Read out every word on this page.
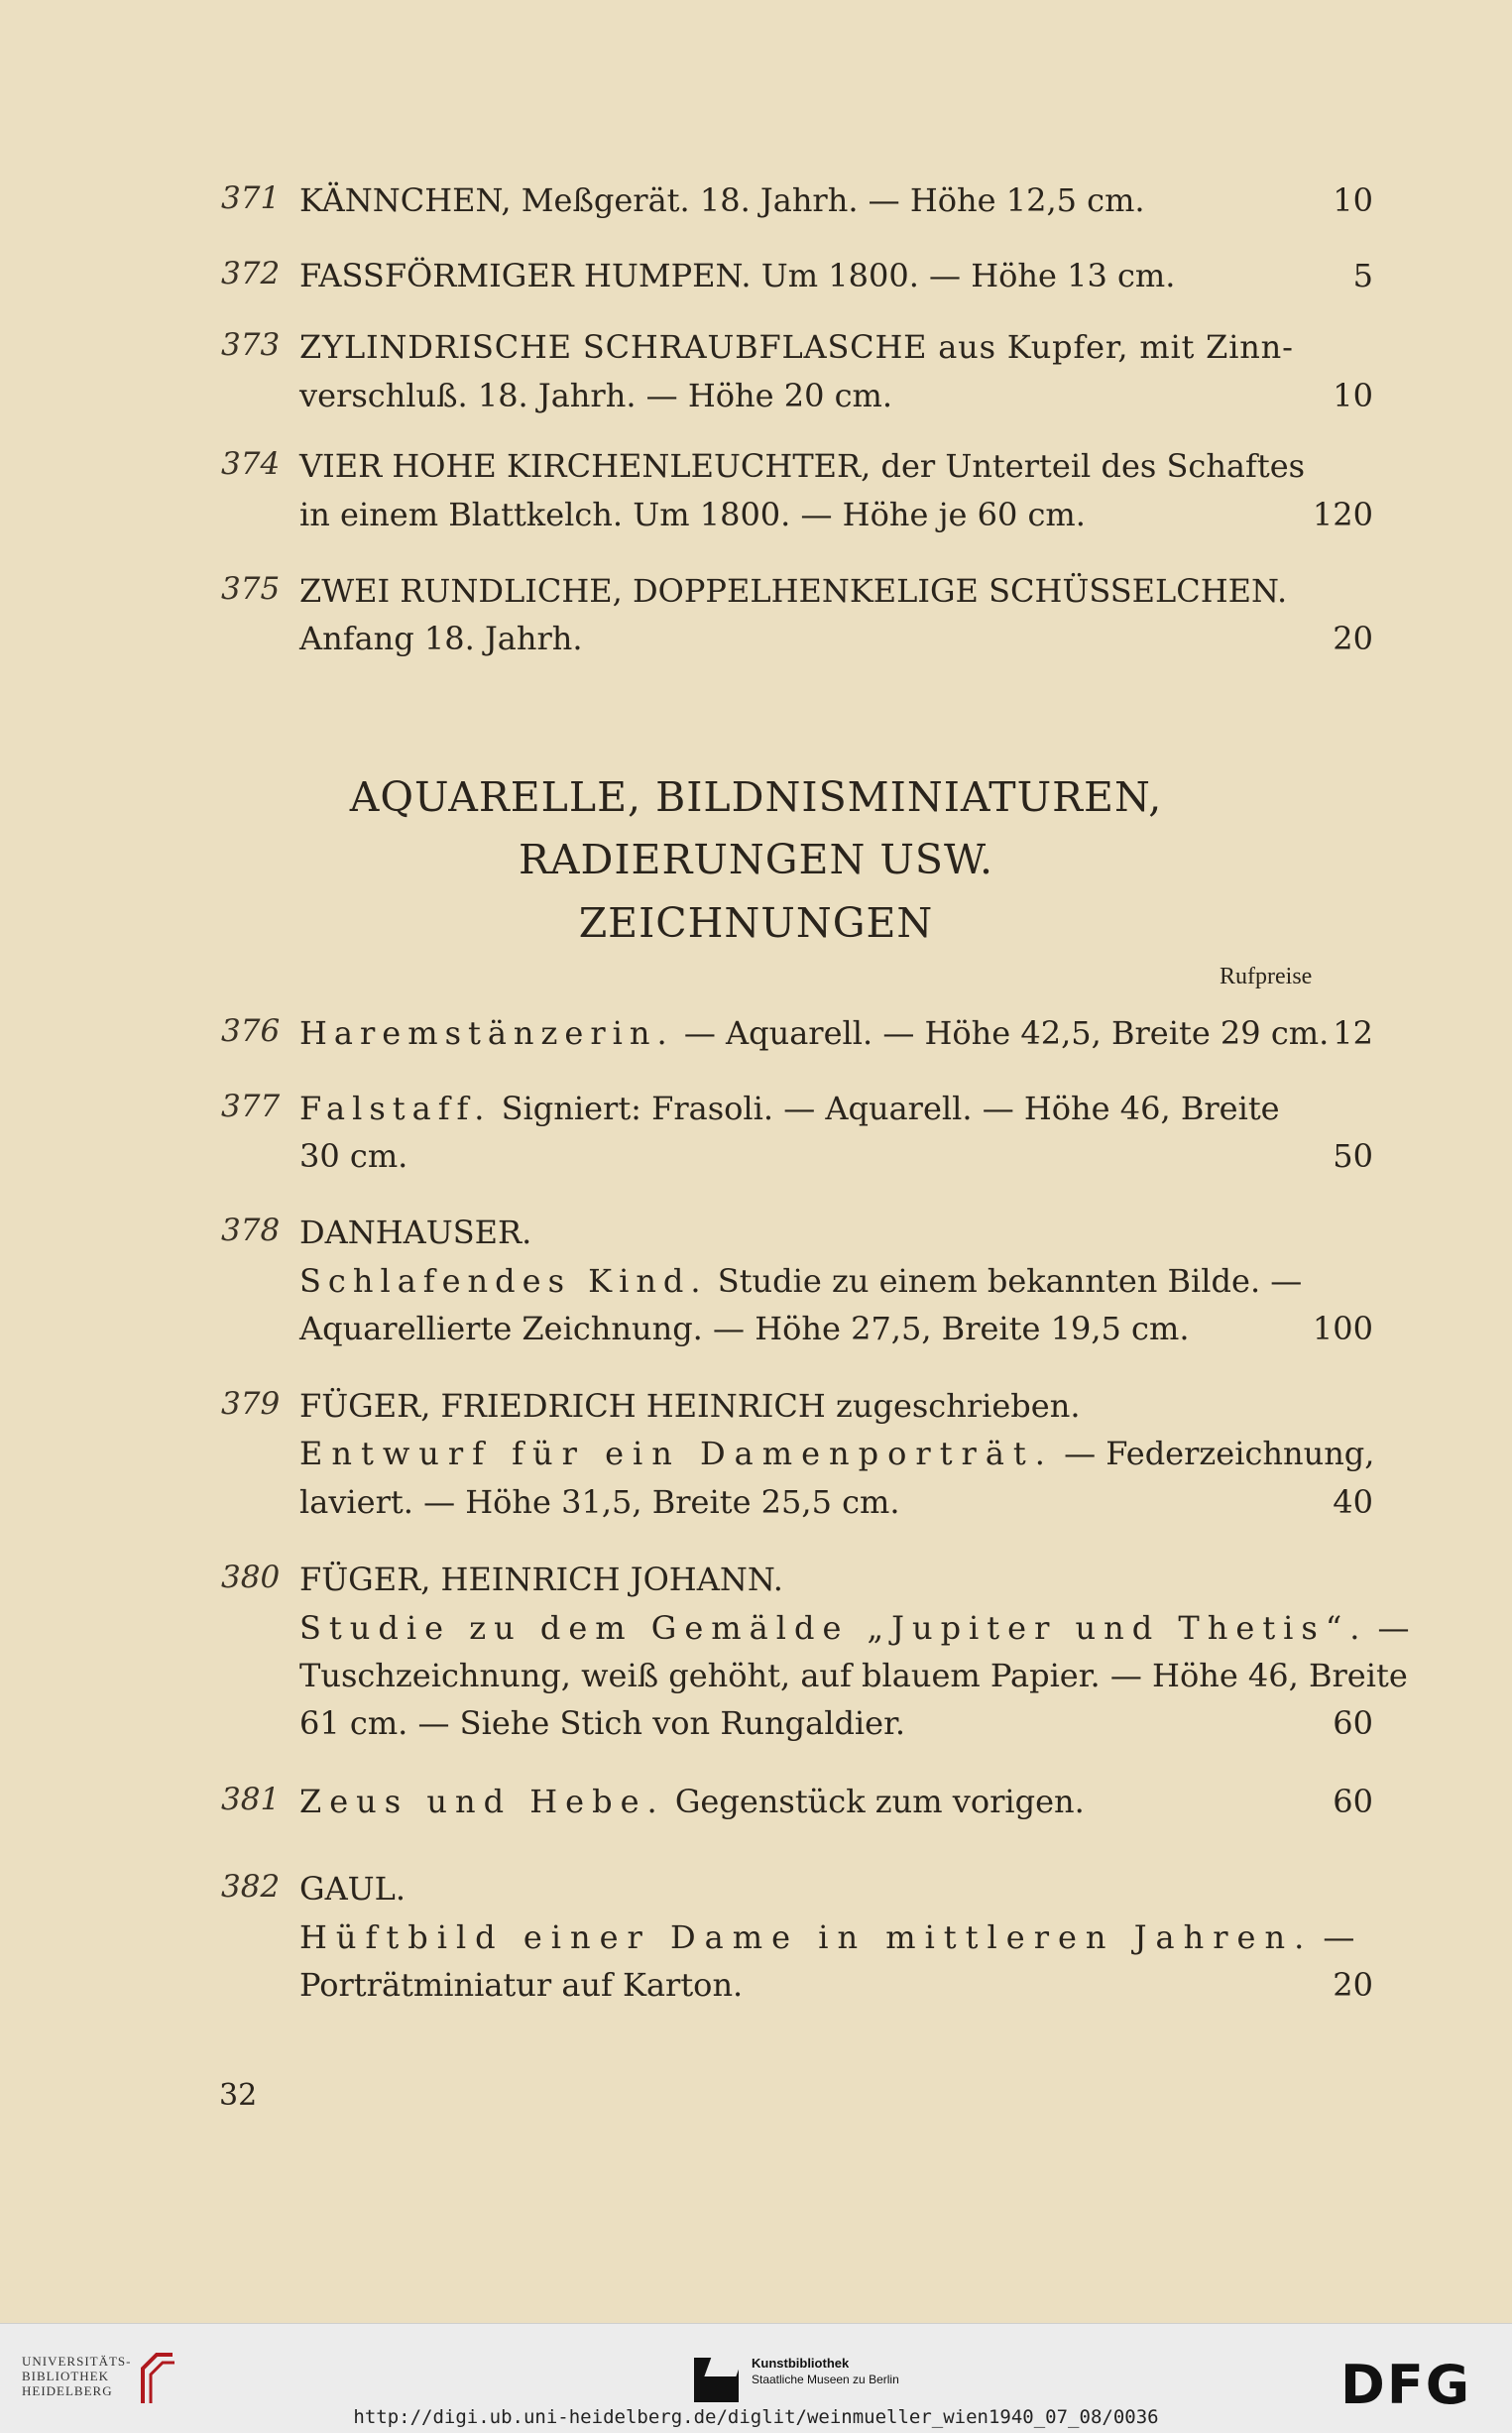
371 KÄNNCHEN, Meßgerät. 18. Jahrh. — Höhe 12,5 cm.	10
372 FASSFÖRMIGER HUMPEN. Um 1800. — Höhe 13 cm.	5
373 ZYLINDRISCHE SCHRAUBFLASCHE aus Kupfer, mit Zinn-
verschluß. 18. Jahrh. — Höhe 20 cm.	10
374 VIER HOHE KIRCHENLEUCHTER, der Unterteil des Schaftes
in einem Blattkelch. Um 1800. — Höhe je 60 cm.	120
375 ZWEI RUNDLICHE, DOPPELHENKELIGE SCHÜSSELCHEN.
Anfang 18. Jahrh.	20
AQUARELLE, BILDNISMINIATUREN,
RADIERUNGEN USW.
ZEICHNUNGEN
Rufpreise
376 Haremstänzerin. — Aquarell. — Höhe 42,5, Breite 29 cm. 12
377 Falstaff. Signiert: Frasoli. — Aquarell. — Höhe 46, Breite
30 cm.	50
378 DANHAUSER.
Schlafendes Kind. Studie zu einem bekannten Bilde. —
Aquarellierte Zeichnung. — Höhe 27,5, Breite 19,5 cm.	100
379 FÜGER, FRIEDRICH HEINRICH zugeschrieben.
Entwurf für ein Damenporträt. — Federzeichnung,
laviert. — Höhe 31,5, Breite 25,5 cm.	40
380 FÜGER, HEINRICH JOHANN.
Studie zu dem Gemälde „Jupiter und Thetis“. —
Tuschzeichnung, weiß gehöht, auf blauem Papier. — Höhe 46, Breite
61 cm. — Siehe Stich von Rungaldier.	60
381 Zeus und Hebe. Gegenstück zum vorigen.	60
382 GAUL.
Hüftbild einer Dame in mittleren Jahren. —
Porträtminiatur auf Karton.	20
32
UNIVERSITÄTS-
BIBLIOTHEK
HEIDELBERG
Kunstbibliothek
Staatliche Museen zu Berlin	DFG
http://digi.ub.uni-heidelberg.de/diglit/weinmueller_wien1940_07_08/0036
